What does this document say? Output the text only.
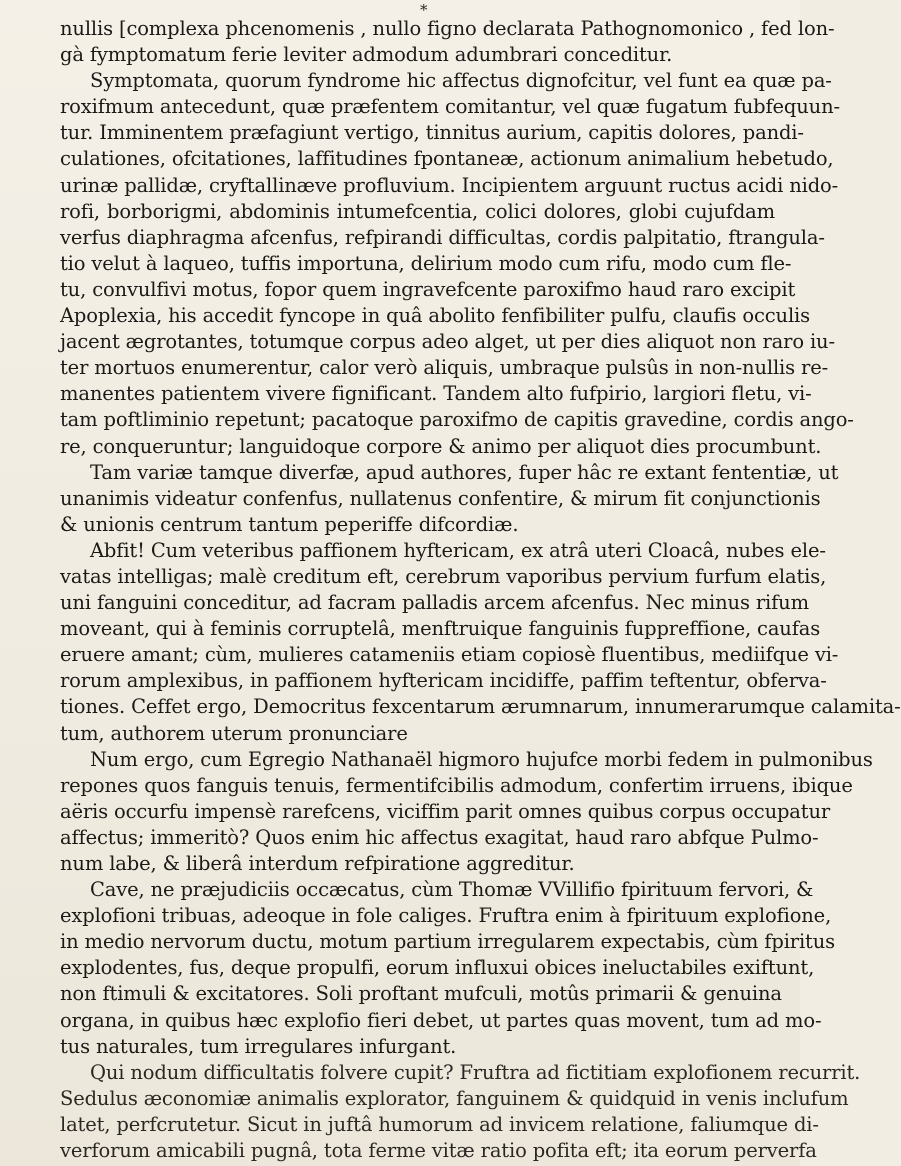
*
nullis [complexa phcenomenis , nullo figno declarata Pathognomonico , fed lon-
gà fymptomatum ferie leviter admodum adumbrari conceditur.
Symptomata, quorum fyndrome hic affectus dignofcitur, vel funt ea quæ pa-
roxifmum antecedunt, quæ præfentem comitantur, vel quæ fugatum fubfequun-
tur. Imminentem præfagiunt vertigo, tinnitus aurium, capitis dolores, pandi-
culationes, ofcitationes, laffitudines fpontaneæ, actionum animalium hebetudo,
urinæ pallidæ, cryftallinæve profluvium. Incipientem arguunt ructus acidi nido-
rofi, borborigmi, abdominis intumefcentia, colici dolores, globi cujufdam
verfus diaphragma afcenfus, refpirandi difficultas, cordis palpitatio, ftrangula-
tio velut à laqueo, tuffis importuna, delirium modo cum rifu, modo cum fle-
tu, convulfivi motus, fopor quem ingravefcente paroxifmo haud raro excipit
Apoplexia, his accedit fyncope in quâ abolito fenfibiliter pulfu, claufis occulis
jacent ægrotantes, totumque corpus adeo alget, ut per dies aliquot non raro iu-
ter mortuos enumerentur, calor verò aliquis, umbraque pulsûs in non-nullis re-
manentes patientem vivere fignificant. Tandem alto fufpirio, largiori fletu, vi-
tam poftliminio repetunt; pacatoque paroxifmo de capitis gravedine, cordis ango-
re, conqueruntur; languidoque corpore & animo per aliquot dies procumbunt.
Tam variæ tamque diverfæ, apud authores, fuper hâc re extant fententiæ, ut
unanimis videatur confenfus, nullatenus confentire, & mirum fit conjunctionis
& unionis centrum tantum peperiffe difcordiæ.
Abfit! Cum veteribus paffionem hyftericam, ex atrâ uteri Cloacâ, nubes ele-
vatas intelligas; malè creditum eft, cerebrum vaporibus pervium furfum elatis,
uni fanguini conceditur, ad facram palladis arcem afcenfus. Nec minus rifum
moveant, qui à feminis corruptelâ, menftruique fanguinis fuppreffione, caufas
eruere amant; cùm, mulieres catameniis etiam copiosè fluentibus, mediifque vi-
rorum amplexibus, in paffionem hyftericam incidiffe, paffim teftentur, obferva-
tiones. Ceffet ergo, Democritus fexcentarum ærumnarum, innumerarumque calamita-
tum, authorem uterum pronunciare
Num ergo, cum Egregio Nathanaël higmoro hujufce morbi fedem in pulmonibus
repones quos fanguis tenuis, fermentifcibilis admodum, confertim irruens, ibique
aëris occurfu impensè rarefcens, viciffim parit omnes quibus corpus occupatur
affectus; immeritò? Quos enim hic affectus exagitat, haud raro abfque Pulmo-
num labe, & liberâ interdum refpiratione aggreditur.
Cave, ne præjudiciis occæcatus, cùm Thomæ VVillifio fpirituum fervori, &
explofioni tribuas, adeoque in fole caliges. Fruftra enim à fpirituum explofione,
in medio nervorum ductu, motum partium irregularem expectabis, cùm fpiritus
explodentes, fus, deque propulfi, eorum influxui obices ineluctabiles exiftunt,
non ftimuli & excitatores. Soli proftant mufculi, motûs primarii & genuina
organa, in quibus hæc explofio fieri debet, ut partes quas movent, tum ad mo-
tus naturales, tum irregulares infurgant.
Qui nodum difficultatis folvere cupit? Fruftra ad fictitiam explofionem recurrit.
Sedulus æconomiæ animalis explorator, fanguinem & quidquid in venis inclufum
latet, perfcrutetur. Sicut in juftâ humorum ad invicem relatione, faliumque di-
verforum amicabili pugnâ, tota ferme vitæ ratio pofita eft; ita eorum perverfa
